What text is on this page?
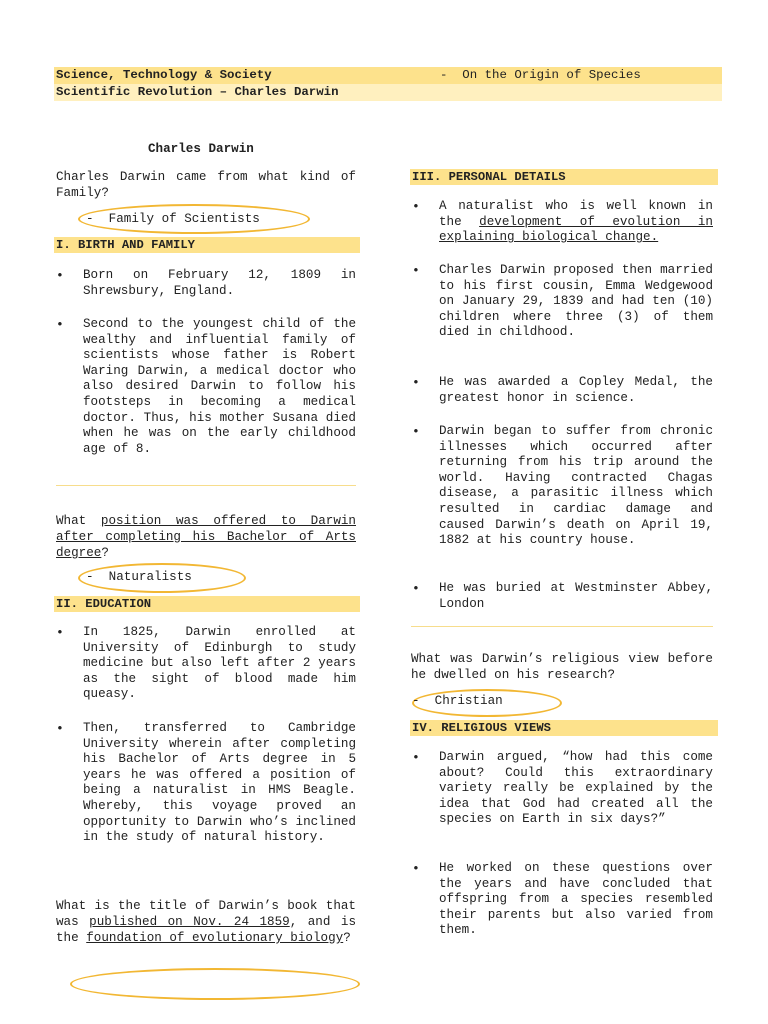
Science, Technology & Society	-  On the Origin of Species
Scientific Revolution – Charles Darwin
Charles Darwin
Charles Darwin came from what kind of Family?
-  Family of Scientists
I. BIRTH AND FAMILY
• Born on February 12, 1809 in Shrewsbury, England.
• Second to the youngest child of the wealthy and influential family of scientists whose father is Robert Waring Darwin, a medical doctor who also desired Darwin to follow his footsteps in becoming a medical doctor. Thus, his mother Susana died when he was on the early childhood age of 8.
What position was offered to Darwin after completing his Bachelor of Arts degree?
-  Naturalists
II. EDUCATION
• In 1825, Darwin enrolled at University of Edinburgh to study medicine but also left after 2 years as the sight of blood made him queasy.
• Then, transferred to Cambridge University wherein after completing his Bachelor of Arts degree in 5 years he was offered a position of being a naturalist in HMS Beagle. Whereby, this voyage proved an opportunity to Darwin who’s inclined in the study of natural history.
What is the title of Darwin’s book that was published on Nov. 24 1859, and is the foundation of evolutionary biology?
III. PERSONAL DETAILS
• A naturalist who is well known in the development of evolution in explaining biological change.
• Charles Darwin proposed then married to his first cousin, Emma Wedgewood on January 29, 1839 and had ten (10) children where three (3) of them died in childhood.
• He was awarded a Copley Medal, the greatest honor in science.
• Darwin began to suffer from chronic illnesses which occurred after returning from his trip around the world. Having contracted Chagas disease, a parasitic illness which resulted in cardiac damage and caused Darwin’s death on April 19, 1882 at his country house.
• He was buried at Westminster Abbey, London
What was Darwin’s religious view before he dwelled on his research?
-  Christian
IV. RELIGIOUS VIEWS
• Darwin argued, “how had this come about? Could this extraordinary variety really be explained by the idea that God had created all the species on Earth in six days?”
• He worked on these questions over the years and have concluded that offspring from a species resembled their parents but also varied from them.
